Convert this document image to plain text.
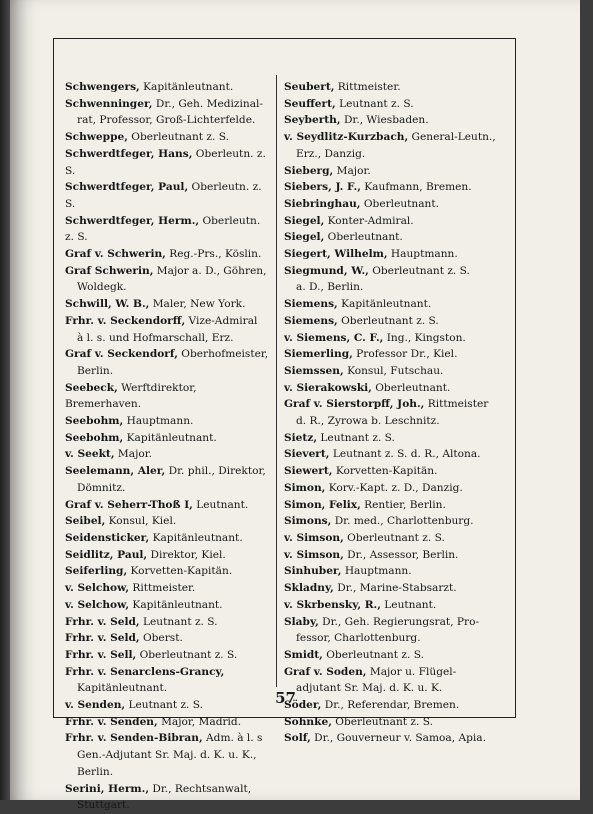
Schwengers, Kapitänleutnant.

Schwenninger, Dr., Geh. Medizinal-
rat, Professor, Groß-Lichterfelde.

Schweppe, Oberleutnant z. S.

Schwerdtfeger, Hans, Oberleutn. z. S.

Schwerdtfeger, Paul, Oberleutn. z. S.

Schwerdtfeger, Herm., Oberleutn. z. S.

Graf v. Schwerin, Reg.-Prs., Köslin.

Graf Schwerin, Major a. D., Göhren,
Woldegk.

Schwill, W. B., Maler, New York.

Frhr. v. Seckendorff, Vize-Admiral
à l. s. und Hofmarschall, Erz.

Graf v. Seckendorf, Oberhofmeister,
Berlin.

Seebeck, Werftdirektor, Bremerhaven.

Seebohm, Hauptmann.

Seebohm, Kapitänleutnant.

v. Seekt, Major.

Seelemann, Aler, Dr. phil., Direktor,
Dömnitz.

Graf v. Seherr-Thoß I, Leutnant.

Seibel, Konsul, Kiel.

Seidensticker, Kapitänleutnant.

Seidlitz, Paul, Direktor, Kiel.

Seiferling, Korvetten-Kapitän.

v. Selchow, Rittmeister.

v. Selchow, Kapitänleutnant.

Frhr. v. Seld, Leutnant z. S.

Frhr. v. Seld, Oberst.

Frhr. v. Sell, Oberleutnant z. S.

Frhr. v. Senarclens-Grancy,
Kapitänleutnant.

v. Senden, Leutnant z. S.

Frhr. v. Senden, Major, Madrid.

Frhr. v. Senden-Bibran, Adm. à l. s
Gen.-Adjutant Sr. Maj. d. K. u. K., Berlin.

Serini, Herm., Dr., Rechtsanwalt,
Stuttgart.

Seubert, Rittmeister.

Seuffert, Leutnant z. S.

Seyberth, Dr., Wiesbaden.

v. Seydlitz-Kurzbach, General-Leutn.,
Erz., Danzig.

Sieberg, Major.

Siebers, J. F., Kaufmann, Bremen.

Siebringhau, Oberleutnant.

Siegel, Konter-Admiral.

Siegel, Oberleutnant.

Siegert, Wilhelm, Hauptmann.

Siegmund, W., Oberleutnant z. S.
a. D., Berlin.

Siemens, Kapitänleutnant.

Siemens, Oberleutnant z. S.

v. Siemens, C. F., Ing., Kingston.

Siemerling, Professor Dr., Kiel.

Siemssen, Konsul, Futschau.

v. Sierakowski, Oberleutnant.

Graf v. Sierstorpff, Joh., Rittmeister
d. R., Zyrowa b. Leschnitz.

Sietz, Leutnant z. S.

Sievert, Leutnant z. S. d. R., Altona.

Siewert, Korvetten-Kapitän.

Simon, Korv.-Kapt. z. D., Danzig.

Simon, Felix, Rentier, Berlin.

Simons, Dr. med., Charlottenburg.

v. Simson, Oberleutnant z. S.

v. Simson, Dr., Assessor, Berlin.

Sinhuber, Hauptmann.

Skladny, Dr., Marine-Stabsarzt.

v. Skrbensky, R., Leutnant.

Slaby, Dr., Geh. Regierungsrat, Pro-
fessor, Charlottenburg.

Smidt, Oberleutnant z. S.

Graf v. Soden, Major u. Flügel-
adjutant Sr. Maj. d. K. u. K.

Söder, Dr., Referendar, Bremen.

Sohnke, Oberleutnant z. S.

Solf, Dr., Gouverneur v. Samoa, Apia.

57
